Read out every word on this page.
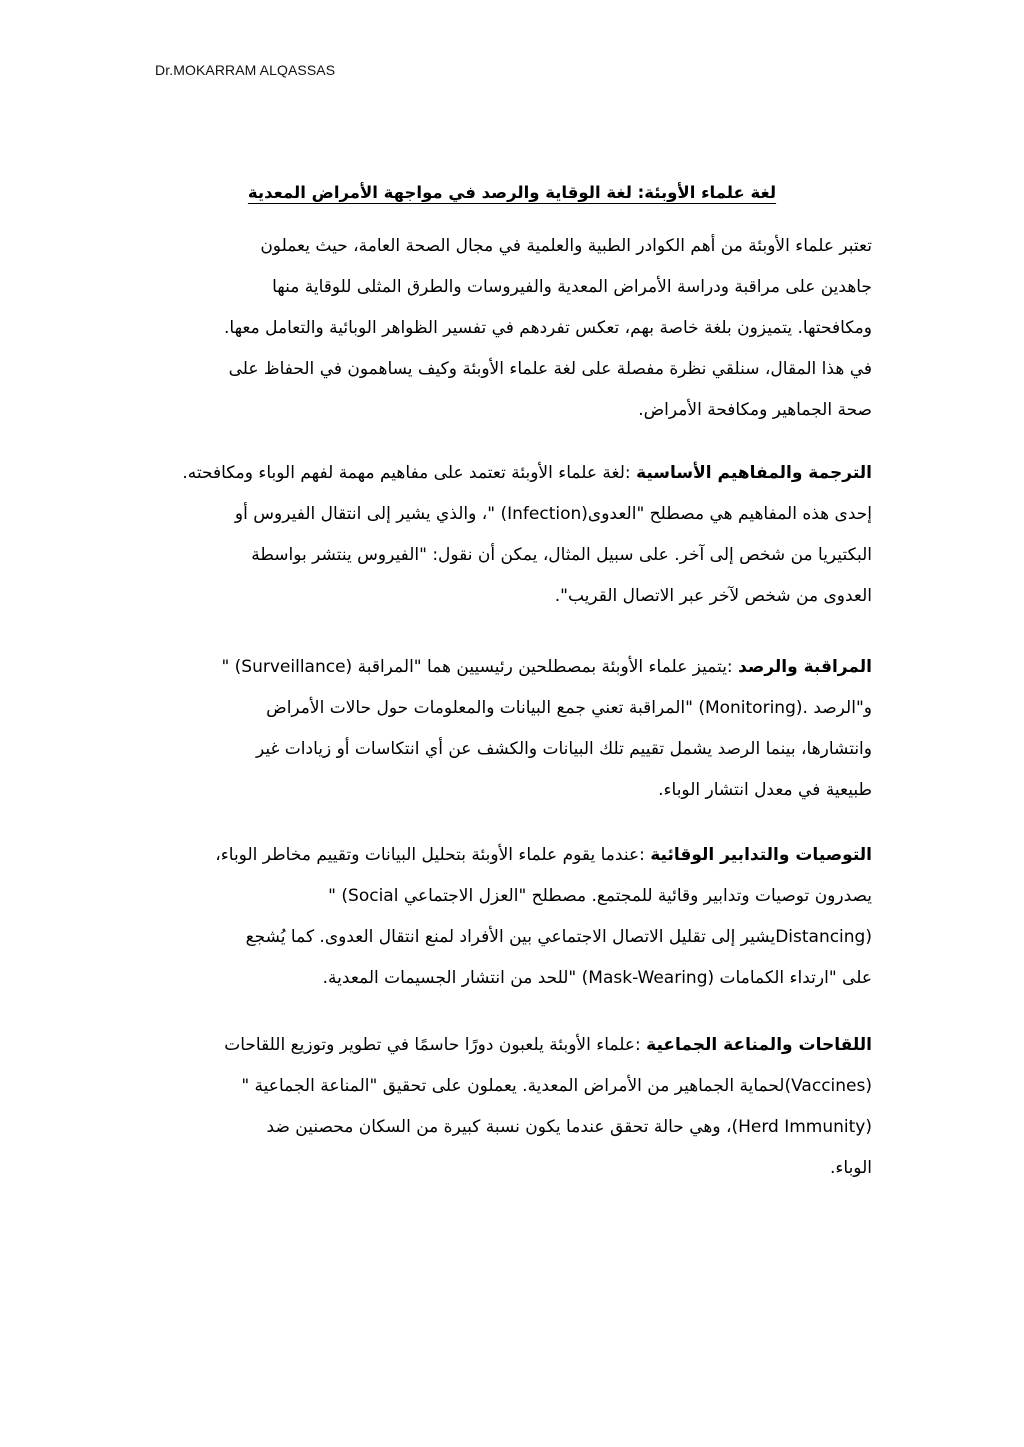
Dr.MOKARRAM ALQASSAS
لغة علماء الأوبئة: لغة الوقاية والرصد في مواجهة الأمراض المعدية
تعتبر علماء الأوبئة من أهم الكوادر الطبية والعلمية في مجال الصحة العامة، حيث يعملون
جاهدين على مراقبة ودراسة الأمراض المعدية والفيروسات والطرق المثلى للوقاية منها
ومكافحتها. يتميزون بلغة خاصة بهم، تعكس تفردهم في تفسير الظواهر الوبائية والتعامل معها.
في هذا المقال، سنلقي نظرة مفصلة على لغة علماء الأوبئة وكيف يساهمون في الحفاظ على
صحة الجماهير ومكافحة الأمراض.
الترجمة والمفاهيم الأساسية :لغة علماء الأوبئة تعتمد على مفاهيم مهمة لفهم الوباء ومكافحته.
إحدى هذه المفاهيم هي مصطلح "العدوى(Infection) "، والذي يشير إلى انتقال الفيروس أو
البكتيريا من شخص إلى آخر. على سبيل المثال، يمكن أن نقول: "الفيروس ينتشر بواسطة
العدوى من شخص لآخر عبر الاتصال القريب".
المراقبة والرصد :يتميز علماء الأوبئة بمصطلحين رئيسيين هما "المراقبة (Surveillance) "
و"الرصد .(Monitoring) "المراقبة تعني جمع البيانات والمعلومات حول حالات الأمراض
وانتشارها، بينما الرصد يشمل تقييم تلك البيانات والكشف عن أي انتكاسات أو زيادات غير
طبيعية في معدل انتشار الوباء.
التوصيات والتدابير الوقائية :عندما يقوم علماء الأوبئة بتحليل البيانات وتقييم مخاطر الوباء،
يصدرون توصيات وتدابير وقائية للمجتمع. مصطلح "العزل الاجتماعي Social) "
(Distancingيشير إلى تقليل الاتصال الاجتماعي بين الأفراد لمنع انتقال العدوى. كما يُشجع
على "ارتداء الكمامات (Mask-Wearing) "للحد من انتشار الجسيمات المعدية.
اللقاحات والمناعة الجماعية :علماء الأوبئة يلعبون دورًا حاسمًا في تطوير وتوزيع اللقاحات
(Vaccines)لحماية الجماهير من الأمراض المعدية. يعملون على تحقيق "المناعة الجماعية "
(Herd Immunity)، وهي حالة تحقق عندما يكون نسبة كبيرة من السكان محصنين ضد
الوباء.
